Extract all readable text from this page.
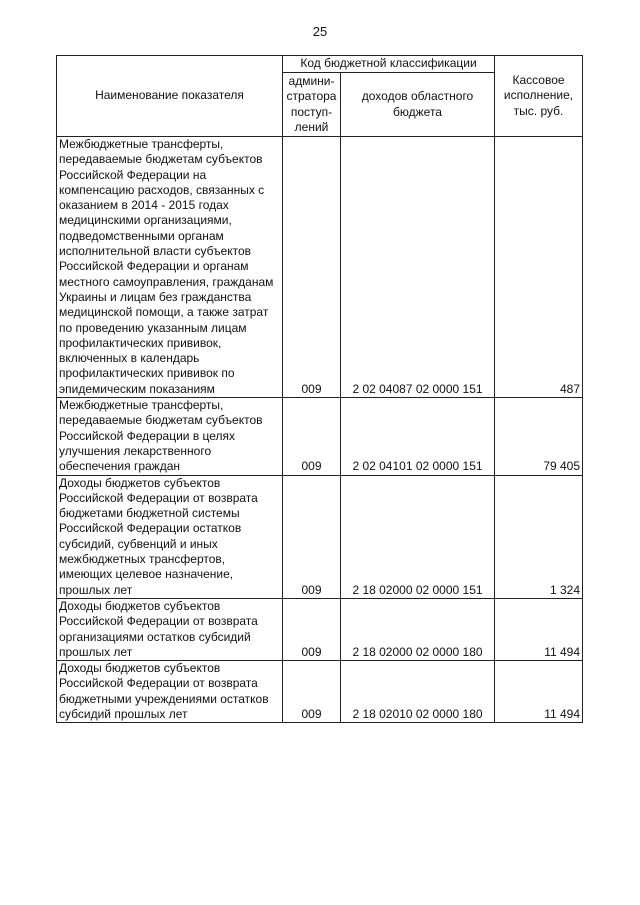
25
Наименование показателя	Код бюджетной классификации		Кассовое исполнение, тыс. руб.
	админи-стратора поступ-лений	доходов областного бюджета	
Межбюджетные трансферты, передаваемые бюджетам субъектов Российской Федерации на компенсацию расходов, связанных с оказанием в 2014 - 2015 годах медицинскими организациями, подведомственными органам исполнительной власти субъектов Российской Федерации и органам местного самоуправления, гражданам Украины и лицам без гражданства медицинской помощи, а также затрат по проведению указанным лицам профилактических прививок, включенных в календарь профилактических прививок по эпидемическим показаниям	009	2 02 04087 02 0000 151	487
Межбюджетные трансферты, передаваемые бюджетам субъектов Российской Федерации в целях улучшения лекарственного обеспечения граждан	009	2 02 04101 02 0000 151	79 405
Доходы бюджетов субъектов Российской Федерации от возврата бюджетами бюджетной системы Российской Федерации остатков субсидий, субвенций и иных межбюджетных трансфертов, имеющих целевое назначение, прошлых лет	009	2 18 02000 02 0000 151	1 324
Доходы бюджетов субъектов Российской Федерации от возврата организациями остатков субсидий прошлых лет	009	2 18 02000 02 0000 180	11 494
Доходы бюджетов субъектов Российской Федерации от возврата бюджетными учреждениями остатков субсидий прошлых лет	009	2 18 02010 02 0000 180	11 494
